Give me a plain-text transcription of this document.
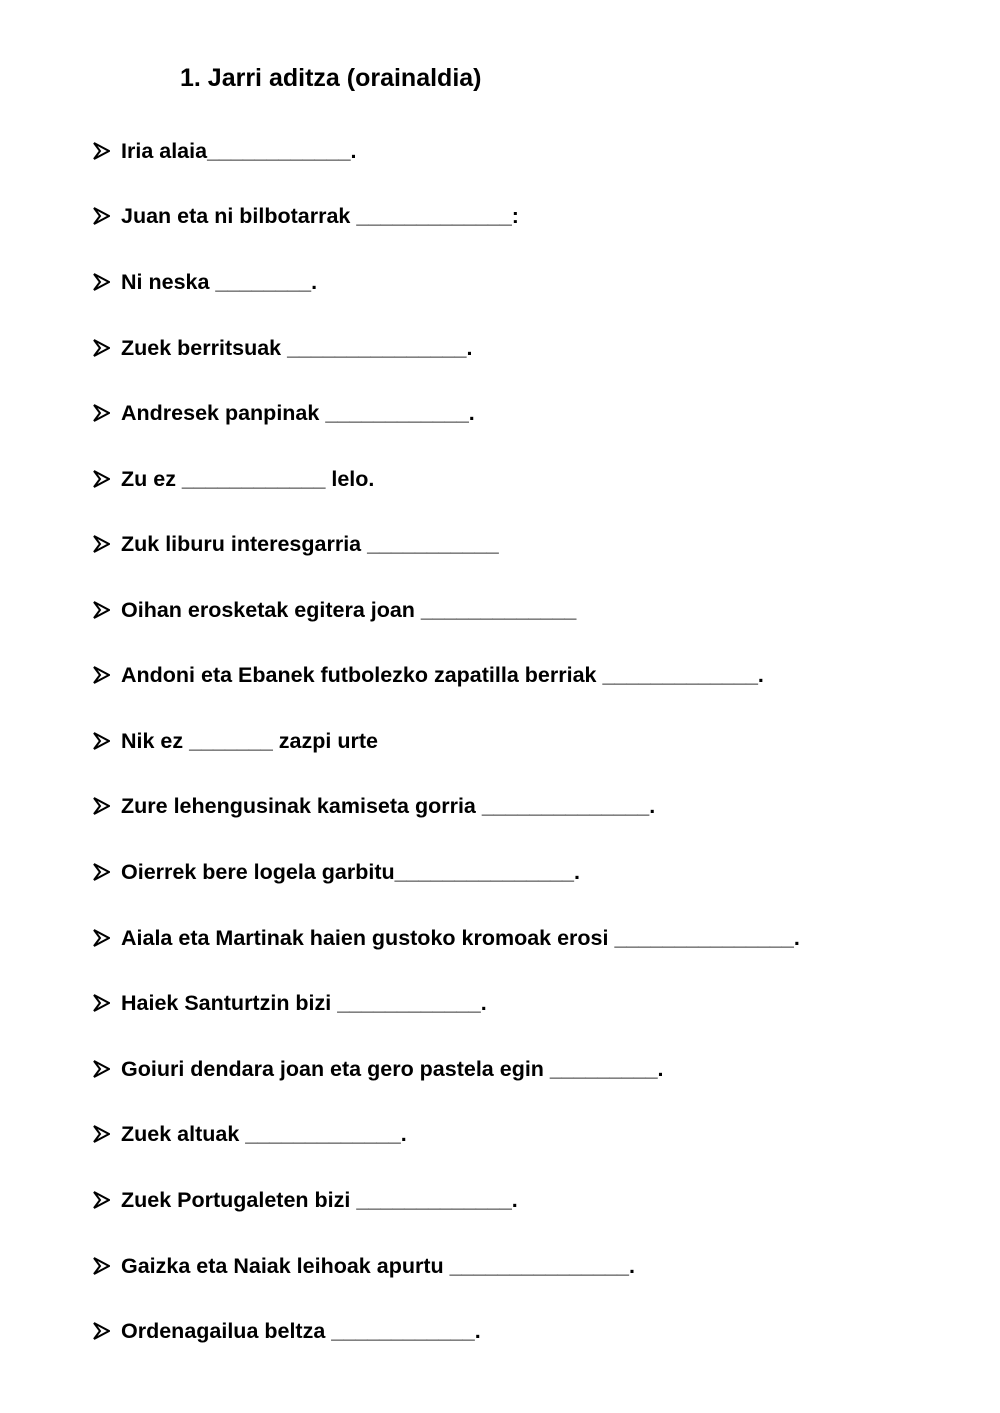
1. Jarri aditza (orainaldia)
Iria alaia____________.
Juan eta ni bilbotarrak _____________:
Ni neska ________.
Zuek berritsuak _______________.
Andresek panpinak ____________.
Zu ez ____________ lelo.
Zuk liburu interesgarria ___________
Oihan erosketak egitera joan _____________
Andoni eta Ebanek futbolezko zapatilla berriak _____________.
Nik ez _______ zazpi urte
Zure lehengusinak kamiseta gorria ______________.
Oierrek bere logela garbitu_______________.
Aiala eta Martinak haien gustoko kromoak erosi _______________.
Haiek Santurtzin bizi ____________.
Goiuri dendara joan eta gero pastela egin _________.
Zuek altuak _____________.
Zuek Portugaleten bizi _____________.
Gaizka eta Naiak leihoak apurtu _______________.
Ordenagailua beltza ____________.
